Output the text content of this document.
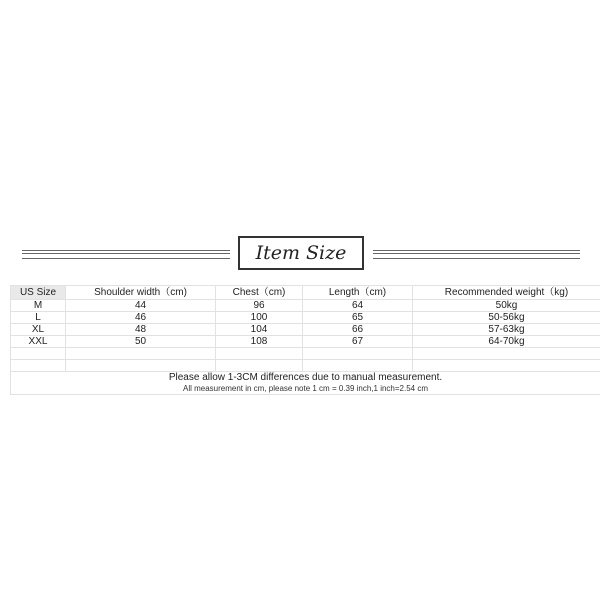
Item Size
US Size	Shoulder width（cm)	Chest（cm)	Length（cm)	Recommended weight（kg)
M	44	96	64	50kg
L	46	100	65	50-56kg
XL	48	104	66	57-63kg
XXL	50	108	67	64-70kg

Please allow 1-3CM differences due to manual measurement.
All measurement in cm, please note 1 cm = 0.39 inch,1 inch=2.54 cm				
